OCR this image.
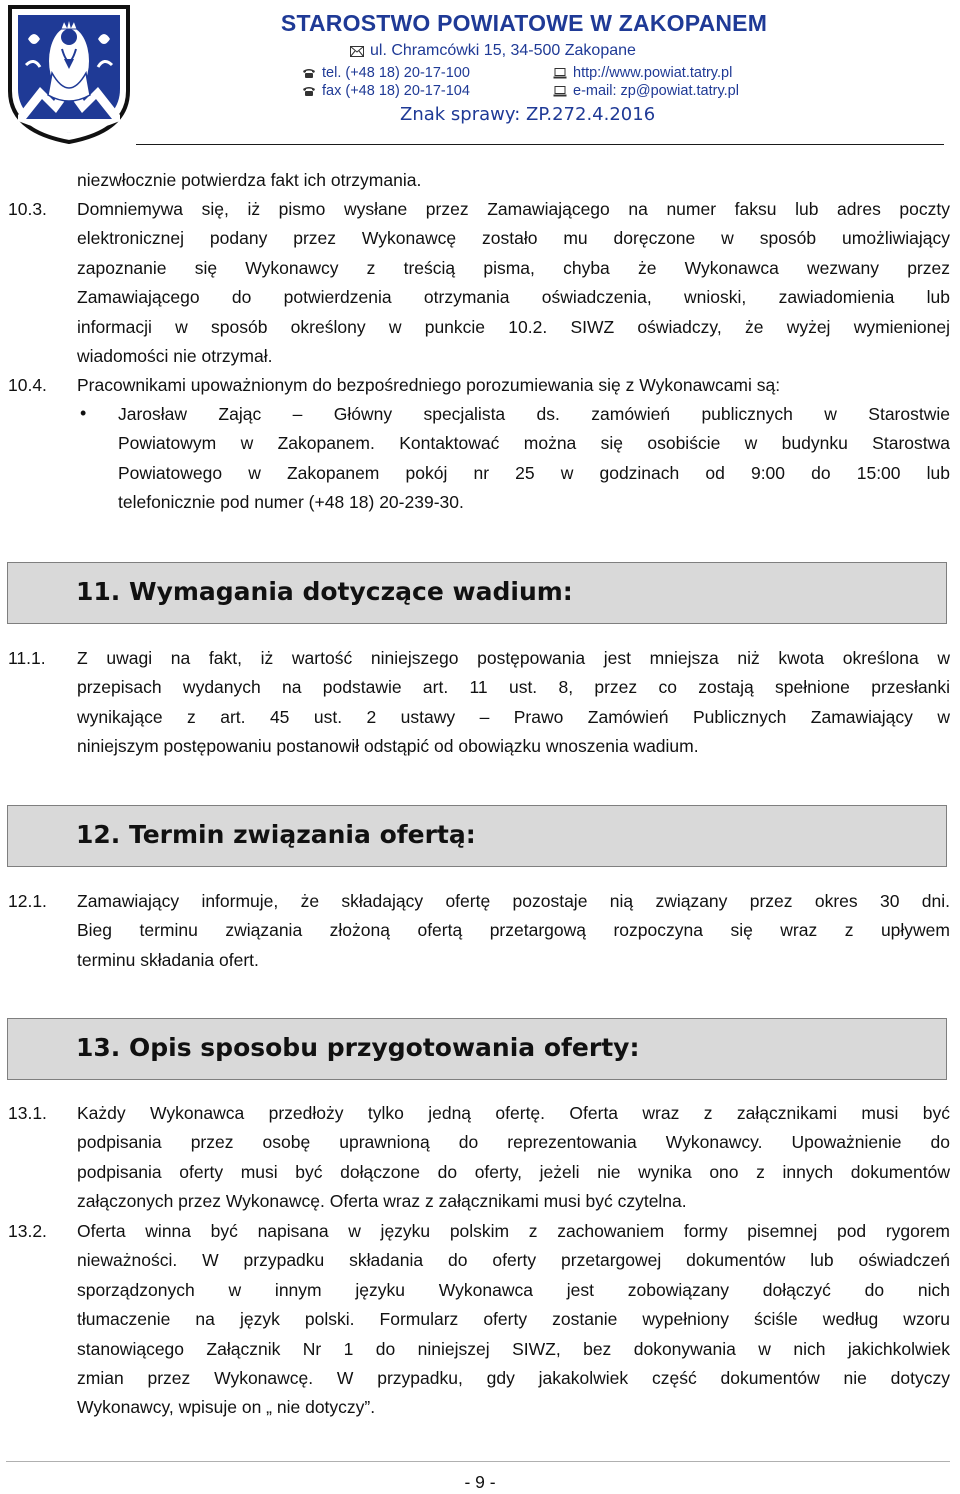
STAROSTWO POWIATOWE W ZAKOPANEM
ul. Chramcówki 15, 34-500 Zakopane
tel. (+48 18) 20-17-100	http://www.powiat.tatry.pl
fax (+48 18) 20-17-104	e-mail: zp@powiat.tatry.pl
Znak sprawy: ZP.272.4.2016
niezwłocznie potwierdza fakt ich otrzymania.
10.3. Domniemywa się, iż pismo wysłane przez Zamawiającego na numer faksu lub adres poczty
elektronicznej podany przez Wykonawcę zostało mu doręczone w sposób umożliwiający
zapoznanie się Wykonawcy z treścią pisma, chyba że Wykonawca wezwany przez
Zamawiającego do potwierdzenia otrzymania oświadczenia, wnioski, zawiadomienia lub
informacji w sposób określony w punkcie 10.2. SIWZ oświadczy, że wyżej wymienionej
wiadomości nie otrzymał.
10.4. Pracownikami upoważnionym do bezpośredniego porozumiewania się z Wykonawcami są:
• Jarosław Zając – Główny specjalista ds. zamówień publicznych w Starostwie
Powiatowym w Zakopanem. Kontaktować można się osobiście w budynku Starostwa
Powiatowego w Zakopanem pokój nr 25 w godzinach od 9:00 do 15:00 lub
telefonicznie pod numer (+48 18) 20-239-30.
11. Wymagania dotyczące wadium:
11.1. Z uwagi na fakt, iż wartość niniejszego postępowania jest mniejsza niż kwota określona w
przepisach wydanych na podstawie art. 11 ust. 8, przez co zostają spełnione przesłanki
wynikające z art. 45 ust. 2 ustawy – Prawo Zamówień Publicznych Zamawiający w
niniejszym postępowaniu postanowił odstąpić od obowiązku wnoszenia wadium.
12. Termin związania ofertą:
12.1. Zamawiający informuje, że składający ofertę pozostaje nią związany przez okres 30 dni.
Bieg terminu związania złożoną ofertą przetargową rozpoczyna się wraz z upływem
terminu składania ofert.
13. Opis sposobu przygotowania oferty:
13.1. Każdy Wykonawca przedłoży tylko jedną ofertę. Oferta wraz z załącznikami musi być
podpisania przez osobę uprawnioną do reprezentowania Wykonawcy. Upoważnienie do
podpisania oferty musi być dołączone do oferty, jeżeli nie wynika ono z innych dokumentów
załączonych przez Wykonawcę. Oferta wraz z załącznikami musi być czytelna.
13.2. Oferta winna być napisana w języku polskim z zachowaniem formy pisemnej pod rygorem
nieważności. W przypadku składania do oferty przetargowej dokumentów lub oświadczeń
sporządzonych w innym języku Wykonawca jest zobowiązany dołączyć do nich
tłumaczenie na język polski. Formularz oferty zostanie wypełniony ściśle według wzoru
stanowiącego Załącznik Nr 1 do niniejszej SIWZ, bez dokonywania w nich jakichkolwiek
zmian przez Wykonawcę. W przypadku, gdy jakakolwiek część dokumentów nie dotyczy
Wykonawcy, wpisuje on „ nie dotyczy”.
- 9 -
